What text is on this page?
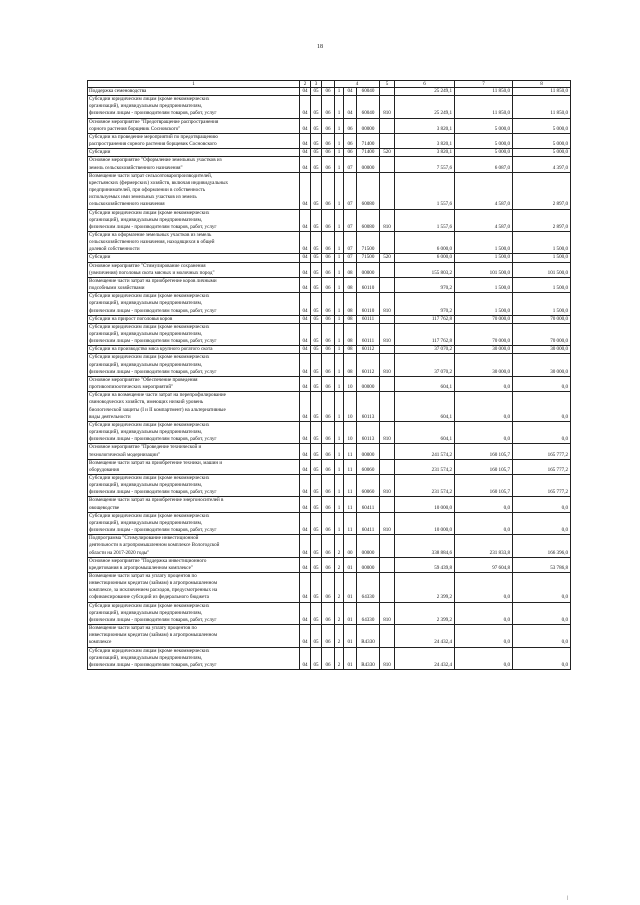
18
1	2	3		4			5	6	7	8
Поддержка семеноводства	04	05	06	1	04	60040		25 249,1	11 850,0	11 850,0
Субсидии юридическим лицам (кроме некоммерческих
организаций), индивидуальным предпринимателям,
физическим лицам - производителям товаров, работ, услуг	04	05	06	1	04	60040	810	25 249,1	11 850,0	11 850,0
Основное мероприятие "Предотвращение распространения
сорного растения борщевик Сосновского"	04	05	06	1	06	00000		3 820,1	5 000,0	5 000,0
Субсидии на проведение мероприятий по предотвращению
распространения сорного растения борщевик Сосновского	04	05	06	1	06	71400		3 820,1	5 000,0	5 000,0
Субсидии	04	05	06	1	06	71400	520	3 820,1	5 000,0	5 000,0
Основное мероприятие "Оформление земельных участков из
земель сельскохозяйственного назначения"	04	05	06	1	07	00000		7 557,6	6 087,0	4 397,0
Возмещение части затрат сельхозтоваропроизводителей,
крестьянских (фермерских) хозяйств, включая индивидуальных
предпринимателей, при оформлении в собственность
используемых ими земельных участков из земель
сельскохозяйственного назначения	04	05	06	1	07	60080		1 557,6	4 587,0	2 897,0
Субсидии юридическим лицам (кроме некоммерческих
организаций), индивидуальным предпринимателям,
физическим лицам - производителям товаров, работ, услуг	04	05	06	1	07	60080	810	1 557,6	4 587,0	2 897,0
Субсидии на оформление земельных участков из земель
сельскохозяйственного назначения, находящихся в общей
долевой собственности	04	05	06	1	07	71500		6 000,0	1 500,0	1 500,0
Субсидии	04	05	06	1	07	71500	520	6 000,0	1 500,0	1 500,0
Основное мероприятие "Стимулирование сохранения
(увеличения) поголовья скота мясных и молочных пород"	04	05	06	1	08	00000		155 803,2	101 500,0	101 500,0
Возмещение части затрат на приобретение коров личными
подсобными хозяйствами	04	05	06	1	08	60110		970,2	1 500,0	1 500,0
Субсидии юридическим лицам (кроме некоммерческих
организаций), индивидуальным предпринимателям,
физическим лицам - производителям товаров, работ, услуг	04	05	06	1	08	60110	810	970,2	1 500,0	1 500,0
Субсидии на прирост поголовья коров	04	05	06	1	08	60111		117 762,8	70 000,0	70 000,0
Субсидии юридическим лицам (кроме некоммерческих
организаций), индивидуальным предпринимателям,
физическим лицам - производителям товаров, работ, услуг	04	05	06	1	08	60111	810	117 762,8	70 000,0	70 000,0
Субсидии на производство мяса крупного рогатого скота	04	05	06	1	08	60112		37 070,2	30 000,0	30 000,0
Субсидии юридическим лицам (кроме некоммерческих
организаций), индивидуальным предпринимателям,
физическим лицам - производителям товаров, работ, услуг	04	05	06	1	08	60112	810	37 070,2	30 000,0	30 000,0
Основное мероприятие "Обеспечение проведения
противоэпизоотических мероприятий"	04	05	06	1	10	00000		604,1	0,0	0,0
Субсидии на возмещение части затрат на перепрофилирование
свиноводческих хозяйств, имеющих низкий уровень
биологической защиты (I и II компартмент) на альтернативные
виды деятельности	04	05	06	1	10	60113		604,1	0,0	0,0
Субсидии юридическим лицам (кроме некоммерческих
организаций), индивидуальным предпринимателям,
физическим лицам - производителям товаров, работ, услуг	04	05	06	1	10	60113	810	604,1	0,0	0,0
Основное мероприятие "Проведение технической и
технологической модернизации"	04	05	06	1	11	00000		241 574,2	160 105,7	165 777,2
Возмещение части затрат на приобретение техники, машин и
оборудования	04	05	06	1	11	60060		231 574,2	160 105,7	165 777,2
Субсидии юридическим лицам (кроме некоммерческих
организаций), индивидуальным предпринимателям,
физическим лицам - производителям товаров, работ, услуг	04	05	06	1	11	60060	810	231 574,2	160 105,7	165 777,2
Возмещение части затрат на приобретение энергоносителей в
овощеводстве	04	05	06	1	11	60411		10 000,0	0,0	0,0
Субсидии юридическим лицам (кроме некоммерческих
организаций), индивидуальным предпринимателям,
физическим лицам - производителям товаров, работ, услуг	04	05	06	1	11	60411	810	10 000,0	0,0	0,0
Подпрограмма "Стимулирование инвестиционной
деятельности в агропромышленном комплексе Вологодской
области на 2017-2020 годы"	04	05	06	2	00	00000		338 884,6	231 833,8	166 396,0
Основное мероприятие "Поддержка инвестиционного
кредитования в агропромышленном комплексе"	04	05	06	2	01	00000		59 439,8	97 604,8	53 786,8
Возмещение части затрат на уплату процентов по
инвестиционным кредитам (займам) в агропромышленном
комплексе, за исключением расходов, предусмотренных на
софинансирование субсидий из федерального бюджета	04	05	06	2	01	64330		2 399,2	0,0	0,0
Субсидии юридическим лицам (кроме некоммерческих
организаций), индивидуальным предпринимателям,
физическим лицам - производителям товаров, работ, услуг	04	05	06	2	01	64330	810	2 399,2	0,0	0,0
Возмещение части затрат на уплату процентов по
инвестиционным кредитам (займам) в агропромышленном
комплексе	04	05	06	2	01	R4330		24 432,4	0,0	0,0
Субсидии юридическим лицам (кроме некоммерческих
организаций), индивидуальным предпринимателям,
физическим лицам - производителям товаров, работ, услуг	04	05	06	2	01	R4330	810	24 432,4	0,0	0,0
|
